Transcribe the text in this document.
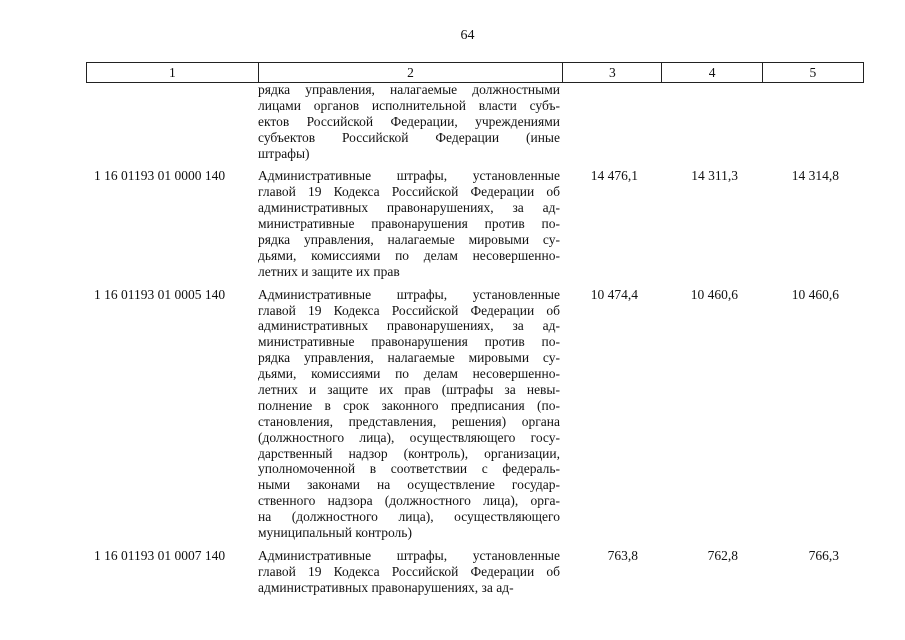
64
1	2	3	4	5
рядка управления, налагаемые должностными
лицами органов исполнительной власти субъ-
ектов Российской Федерации, учреждениями
субъектов Российской Федерации (иные
штрафы)
1 16 01193 01 0000 140	Административные штрафы, установленные
главой 19 Кодекса Российской Федерации об
административных правонарушениях, за ад-
министративные правонарушения против по-
рядка управления, налагаемые мировыми су-
дьями, комиссиями по делам несовершенно-
летних и защите их прав
14 476,1	14 311,3	14 314,8
1 16 01193 01 0005 140	Административные штрафы, установленные
главой 19 Кодекса Российской Федерации об
административных правонарушениях, за ад-
министративные правонарушения против по-
рядка управления, налагаемые мировыми су-
дьями, комиссиями по делам несовершенно-
летних и защите их прав (штрафы за невы-
полнение в срок законного предписания (по-
становления, представления, решения) органа
(должностного лица), осуществляющего госу-
дарственный надзор (контроль), организации,
уполномоченной в соответствии с федераль-
ными законами на осуществление государ-
ственного надзора (должностного лица), орга-
на (должностного лица), осуществляющего
муниципальный контроль)
10 474,4	10 460,6	10 460,6
1 16 01193 01 0007 140	Административные штрафы, установленные
главой 19 Кодекса Российской Федерации об
административных правонарушениях, за ад-
763,8	762,8	766,3
